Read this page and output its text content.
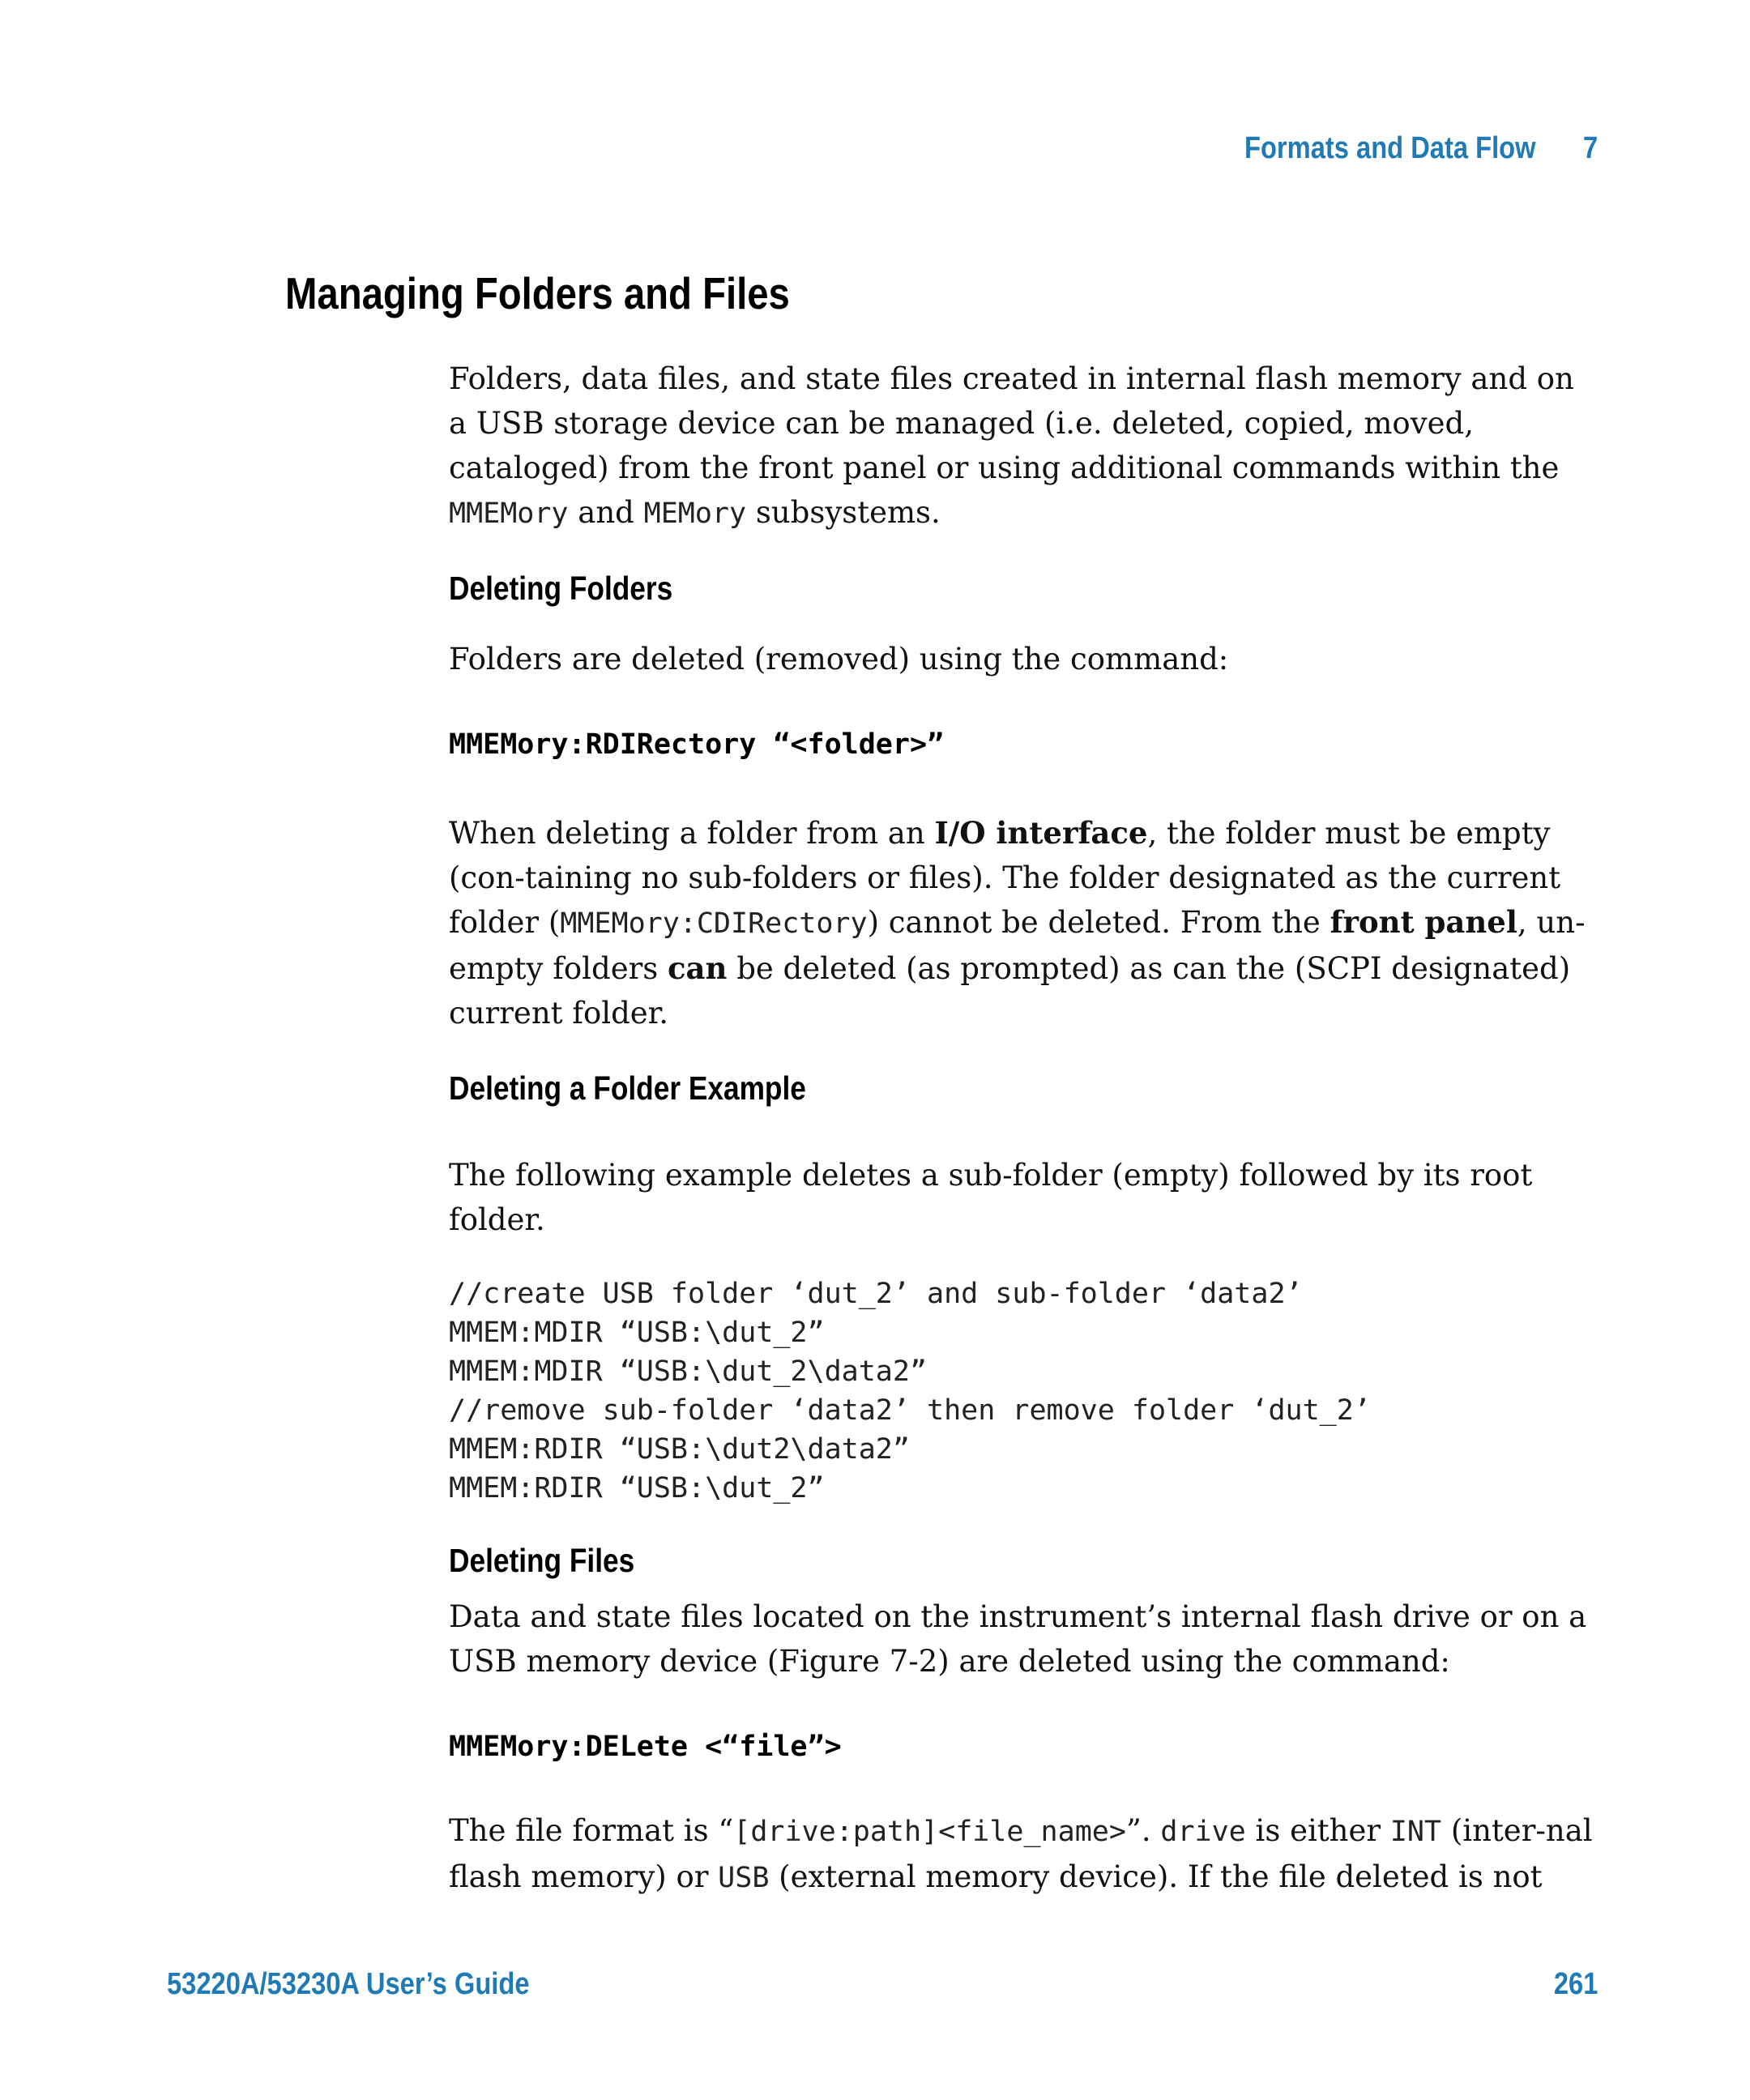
Formats and Data Flow 7
Managing Folders and Files

Folders, data files, and state files created in internal flash memory and on a USB storage device can be managed (i.e. deleted, copied, moved, cataloged) from the front panel or using additional commands within the MMEMory and MEMory subsystems.

Deleting Folders

Folders are deleted (removed) using the command:

MMEMory:RDIRectory “<folder>”

When deleting a folder from an I/O interface, the folder must be empty (con-taining no sub-folders or files). The folder designated as the current folder (MMEMory:CDIRectory) cannot be deleted. From the front panel, un-empty folders can be deleted (as prompted) as can the (SCPI designated) current folder.

Deleting a Folder Example

The following example deletes a sub-folder (empty) followed by its root folder.

//create USB folder ‘dut_2’ and sub-folder ‘data2’

MMEM:MDIR “USB:\dut_2”

MMEM:MDIR “USB:\dut_2\data2”

//remove sub-folder ‘data2’ then remove folder ‘dut_2’

MMEM:RDIR “USB:\dut2\data2”

MMEM:RDIR “USB:\dut_2”

Deleting Files

Data and state files located on the instrument’s internal flash drive or on a USB memory device (Figure 7-2) are deleted using the command:

MMEMory:DELete <“file”>

The file format is “[drive:path]<file_name>”. drive is either INT (inter-nal flash memory) or USB (external memory device). If the file deleted is not

53220A/53230A User’s Guide	261
